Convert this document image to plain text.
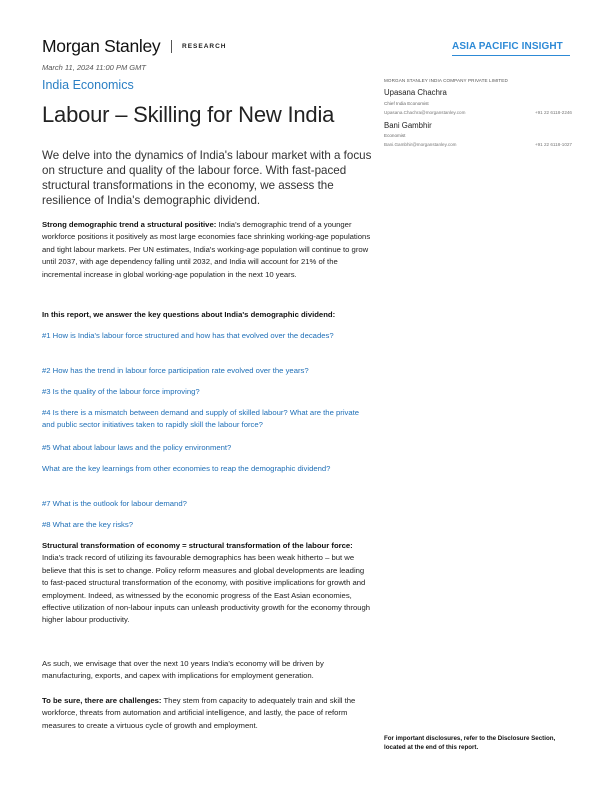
Morgan Stanley	RESEARCH	ASIA PACIFIC INSIGHT
March 11, 2024 11:00 PM GMT
India Economics
Labour – Skilling for New India
We delve into the dynamics of India's labour market with a focus on structure and quality of the labour force. With fast-paced structural transformations in the economy, we assess the resilience of India's demographic dividend.
Strong demographic trend a structural positive: India's demographic trend of a younger workforce positions it positively as most large economies face shrinking working-age populations and tight labour markets. Per UN estimates, India's working-age population will continue to grow until 2037, with age dependency falling until 2032, and India will account for 21% of the incremental increase in global working-age population in the next 10 years.
In this report, we answer the key questions about India's demographic dividend:
#1 How is India's labour force structured and how has that evolved over the decades?
#2 How has the trend in labour force participation rate evolved over the years?
#3 Is the quality of the labour force improving?
#4 Is there is a mismatch between demand and supply of skilled labour? What are the private and public sector initiatives taken to rapidly skill the labour force?
#5 What about labour laws and the policy environment?
What are the key learnings from other economies to reap the demographic dividend?
#7 What is the outlook for labour demand?
#8 What are the key risks?
Structural transformation of economy = structural transformation of the labour force: India's track record of utilizing its favourable demographics has been weak hitherto – but we believe that this is set to change. Policy reform measures and global developments are leading to fast-paced structural transformation of the economy, with positive implications for growth and employment. Indeed, as witnessed by the economic progress of the East Asian economies, effective utilization of non-labour inputs can unleash productivity growth for the economy through higher labour productivity.
As such, we envisage that over the next 10 years India's economy will be driven by manufacturing, exports, and capex with implications for employment generation.
To be sure, there are challenges: They stem from capacity to adequately train and skill the workforce, threats from automation and artificial intelligence, and lastly, the pace of reform measures to create a virtuous cycle of growth and employment.
MORGAN STANLEY INDIA COMPANY PRIVATE LIMITED
Upasana Chachra
Chief India Economist
Upasana.Chachra@morganstanley.com	+91 22 6118-2246
Bani Gambhir
Economist
Bani.Gambhir@morganstanley.com	+91 22 6118-1027
For important disclosures, refer to the Disclosure Section, located at the end of this report.
